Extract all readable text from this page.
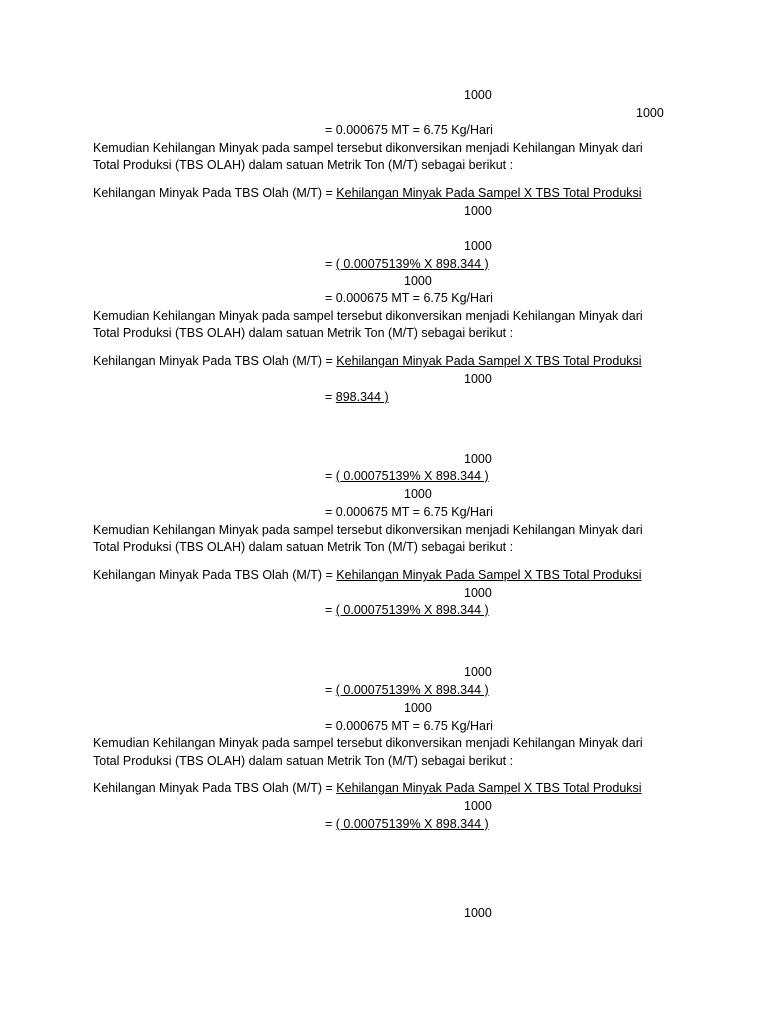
1000
1000
= 0.000675 MT = 6.75 Kg/Hari
Kemudian Kehilangan Minyak pada sampel tersebut dikonversikan menjadi Kehilangan Minyak dari
Total Produksi (TBS OLAH) dalam satuan Metrik Ton (M/T) sebagai berikut :
Kehilangan Minyak Pada TBS Olah (M/T) = Kehilangan Minyak Pada Sampel X TBS Total Produksi
1000
1000
= ( 0.00075139% X 898.344 )
1000
= 0.000675 MT = 6.75 Kg/Hari
Kemudian Kehilangan Minyak pada sampel tersebut dikonversikan menjadi Kehilangan Minyak dari
Total Produksi (TBS OLAH) dalam satuan Metrik Ton (M/T) sebagai berikut :
Kehilangan Minyak Pada TBS Olah (M/T) = Kehilangan Minyak Pada Sampel X TBS Total Produksi
1000
= 898.344 )
1000
= ( 0.00075139% X 898.344 )
1000
= 0.000675 MT = 6.75 Kg/Hari
Kemudian Kehilangan Minyak pada sampel tersebut dikonversikan menjadi Kehilangan Minyak dari
Total Produksi (TBS OLAH) dalam satuan Metrik Ton (M/T) sebagai berikut :
Kehilangan Minyak Pada TBS Olah (M/T) = Kehilangan Minyak Pada Sampel X TBS Total Produksi
1000
= ( 0.00075139% X 898.344 )
1000
= ( 0.00075139% X 898.344 )
1000
= 0.000675 MT = 6.75 Kg/Hari
Kemudian Kehilangan Minyak pada sampel tersebut dikonversikan menjadi Kehilangan Minyak dari
Total Produksi (TBS OLAH) dalam satuan Metrik Ton (M/T) sebagai berikut :
Kehilangan Minyak Pada TBS Olah (M/T) = Kehilangan Minyak Pada Sampel X TBS Total Produksi
1000
= ( 0.00075139% X 898.344 )
1000
